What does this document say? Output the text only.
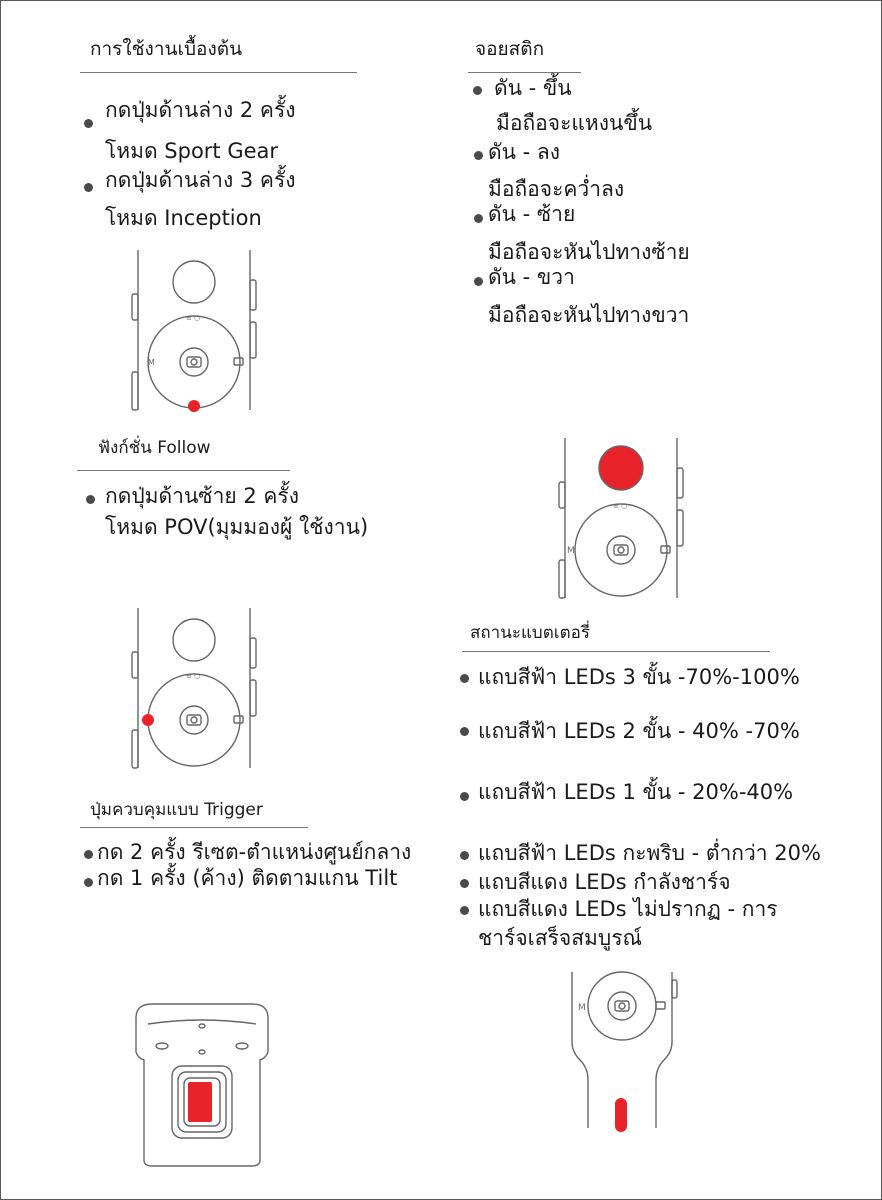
การใช้งานเบื้องต้น
กดปุ่มด้านล่าง 2 ครั้ง
โหมด Sport Gear
กดปุ่มด้านล่าง 3 ครั้ง
โหมด Inception
M
≡ ○
จอยสติก
ดัน - ขึ้น
มือถือจะแหงนขึ้น
ดัน - ลง
มือถือจะคว่ำลง
ดัน - ซ้าย
มือถือจะหันไปทางซ้าย
ดัน - ขวา
มือถือจะหันไปทางขวา
M
≡ ○
ฟังก์ชั่น Follow
กดปุ่มด้านซ้าย 2 ครั้ง
โหมด POV(มุมมองผู้ ใช้งาน)
≡ ○
สถานะแบตเตอรี่
แถบสีฟ้า LEDs 3 ขั้น -70%-100%
แถบสีฟ้า LEDs 2 ขั้น - 40% -70%
แถบสีฟ้า LEDs 1 ขั้น - 20%-40%
แถบสีฟ้า LEDs กะพริบ - ต่ำกว่า 20%
แถบสีแดง LEDs กำลังชาร์จ
แถบสีแดง LEDs ไม่ปรากฏ - การ
ชาร์จเสร็จสมบูรณ์
ปุ่มควบคุมแบบ Trigger
กด 2 ครั้ง รีเซต-ตำแหน่งศูนย์กลาง
กด 1 ครั้ง (ค้าง) ติดตามแกน Tilt
M
